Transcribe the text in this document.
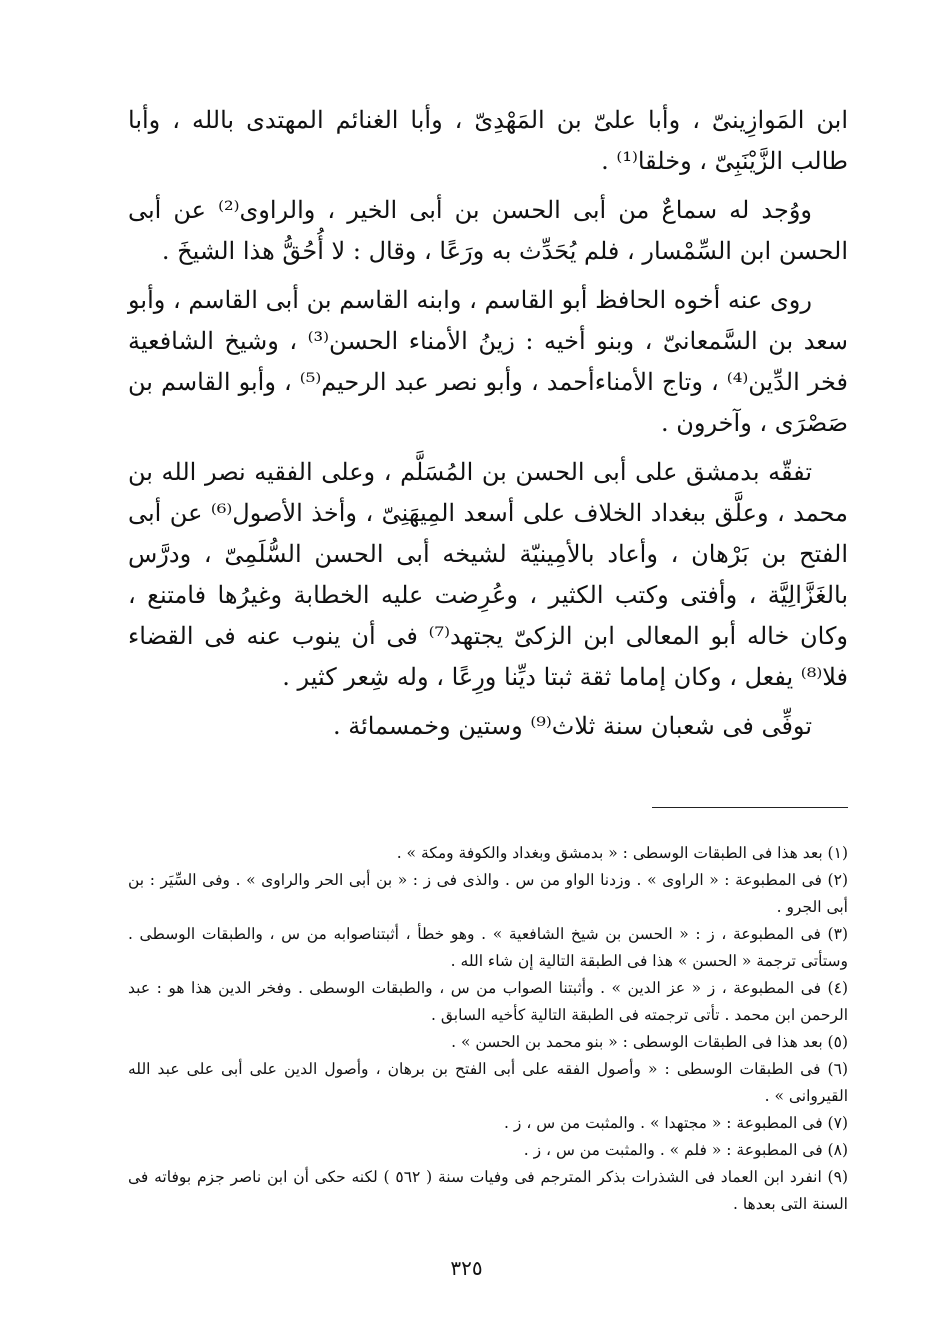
ابن المَوازِينىّ ، وأبا علىّ بن المَهْدِىّ ، وأبا الغنائم المهتدى بالله ، وأبا طالب الزَّيْنَبِىّ ، وخلقا⁽¹⁾ .

ووُجد له سماعٌ من أبى الحسن بن أبى الخير ، والراوى⁽²⁾ عن أبى الحسن ابن السِّمْسار ، فلم يُحَدِّث به ورَعًا ، وقال : لا أُحُقُّ هذا الشيخَ .

روى عنه أخوه الحافظ أبو القاسم ، وابنه القاسم بن أبى القاسم ، وأبو سعد بن السَّمعانىّ ، وبنو أخيه : زينُ الأمناء الحسن⁽³⁾ ، وشيخ الشافعية فخر الدِّين⁽⁴⁾ ، وتاج الأمناءأحمد ، وأبو نصر عبد الرحيم⁽⁵⁾ ، وأبو القاسم بن صَصْرَى ، وآخرون .

تفقّه بدمشق على أبى الحسن بن المُسَلَّم ، وعلى الفقيه نصر الله بن محمد ، وعلَّق ببغداد الخلاف على أسعد المِيهَنِىّ ، وأخذ الأصول⁽⁶⁾ عن أبى الفتح بن بَرْهان ، وأعاد بالأمِينيّة لشيخه أبى الحسن السُّلَمِىّ ، ودرَّس بالغَزَّالِيَّة ، وأفتى وكتب الكثير ، وعُرِضت عليه الخطابة وغيرُها فامتنع ، وكان خاله أبو المعالى ابن الزكىّ يجتهد⁽⁷⁾ فى أن ينوب عنه فى القضاء فلا⁽⁸⁾ يفعل ، وكان إماما ثقة ثبتا ديِّنا ورِعًا ، وله شِعر كثير .

توفِّى فى شعبان سنة ثلاث⁽⁹⁾ وستين وخمسمائة .

(١) بعد هذا فى الطبقات الوسطى : « بدمشق وبغداد والكوفة ومكة » .

(٢) فى المطبوعة : « الراوى » . وزدنا الواو من س . والذى فى ز : « بن أبى الحر والراوى » . وفى السِّيَر : بن أبى الجرو .

(٣) فى المطبوعة ، ز : « الحسن بن شيخ الشافعية » . وهو خطأ ، أثبتناصوابه من س ، والطبقات الوسطى . وستأتى ترجمة « الحسن » هذا فى الطبقة التالية إن شاء الله .

(٤) فى المطبوعة ، ز « عز الدين » . وأثبتنا الصواب من س ، والطبقات الوسطى . وفخر الدين هذا هو : عبد الرحمن ابن محمد . تأتى ترجمته فى الطبقة التالية كأخيه السابق .

(٥) بعد هذا فى الطبقات الوسطى : « بنو محمد بن الحسن » .

(٦) فى الطبقات الوسطى : « وأصول الفقه على أبى الفتح بن برهان ، وأصول الدين على أبى على عبد الله القيروانى » .

(٧) فى المطبوعة : « مجتهدا » . والمثبت من س ، ز .

(٨) فى المطبوعة : « فلم » . والمثبت من س ، ز .

(٩) انفرد ابن العماد فى الشذرات بذكر المترجم فى وفيات سنة ( ٥٦٢ ) لكنه حكى أن ابن ناصر جزم بوفاته فى السنة التى بعدها .

٣٢٥
